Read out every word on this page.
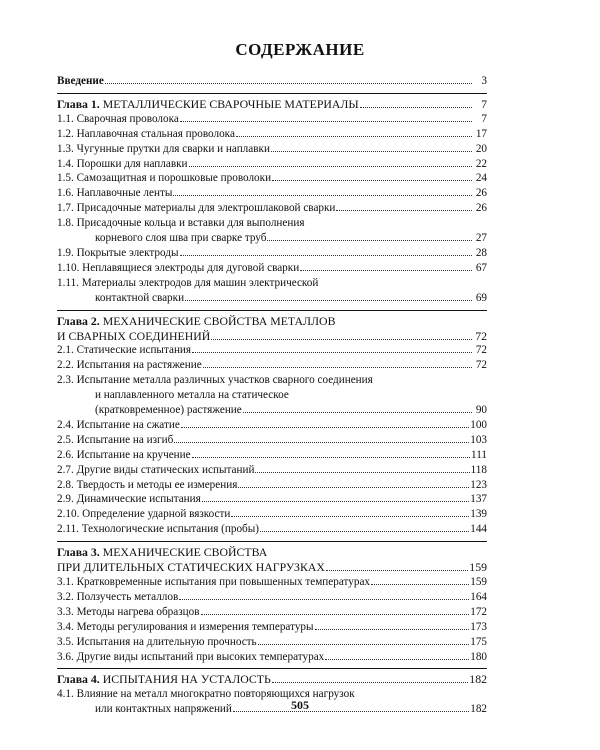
СОДЕРЖАНИЕ
Введение	3
Глава 1. МЕТАЛЛИЧЕСКИЕ СВАРОЧНЫЕ МАТЕРИАЛЫ	7
1.1. Сварочная проволока	7
1.2. Наплавочная стальная проволока	17
1.3. Чугунные прутки для сварки и наплавки	20
1.4. Порошки для наплавки	22
1.5. Самозащитная и порошковые проволоки	24
1.6. Наплавочные ленты	26
1.7. Присадочные материалы для электрошлаковой сварки	26
1.8. Присадочные кольца и вставки для выполнения
корневого слоя шва при сварке труб	27
1.9. Покрытые электроды	28
1.10. Неплавящиеся электроды для дуговой сварки	67
1.11. Материалы электродов для машин электрической
контактной сварки	69
Глава 2. МЕХАНИЧЕСКИЕ СВОЙСТВА МЕТАЛЛОВ
И СВАРНЫХ СОЕДИНЕНИЙ	72
2.1. Статические испытания	72
2.2. Испытания на растяжение	72
2.3. Испытание металла различных участков сварного соединения
и наплавленного металла на статическое
(кратковременное) растяжение	90
2.4. Испытание на сжатие	100
2.5. Испытание на изгиб	103
2.6. Испытание на кручение	111
2.7. Другие виды статических испытаний	118
2.8. Твердость и методы ее измерения	123
2.9. Динамические испытания	137
2.10. Определение ударной вязкости	139
2.11. Технологические испытания (пробы)	144
Глава 3. МЕХАНИЧЕСКИЕ СВОЙСТВА
ПРИ ДЛИТЕЛЬНЫХ СТАТИЧЕСКИХ НАГРУЗКАХ	159
3.1. Кратковременные испытания при повышенных температурах	159
3.2. Ползучесть металлов	164
3.3. Методы нагрева образцов	172
3.4. Методы регулирования и измерения температуры	173
3.5. Испытания на длительную прочность	175
3.6. Другие виды испытаний при высоких температурах	180
Глава 4. ИСПЫТАНИЯ НА УСТАЛОСТЬ	182
4.1. Влияние на металл многократно повторяющихся нагрузок
или контактных напряжений	182
505
